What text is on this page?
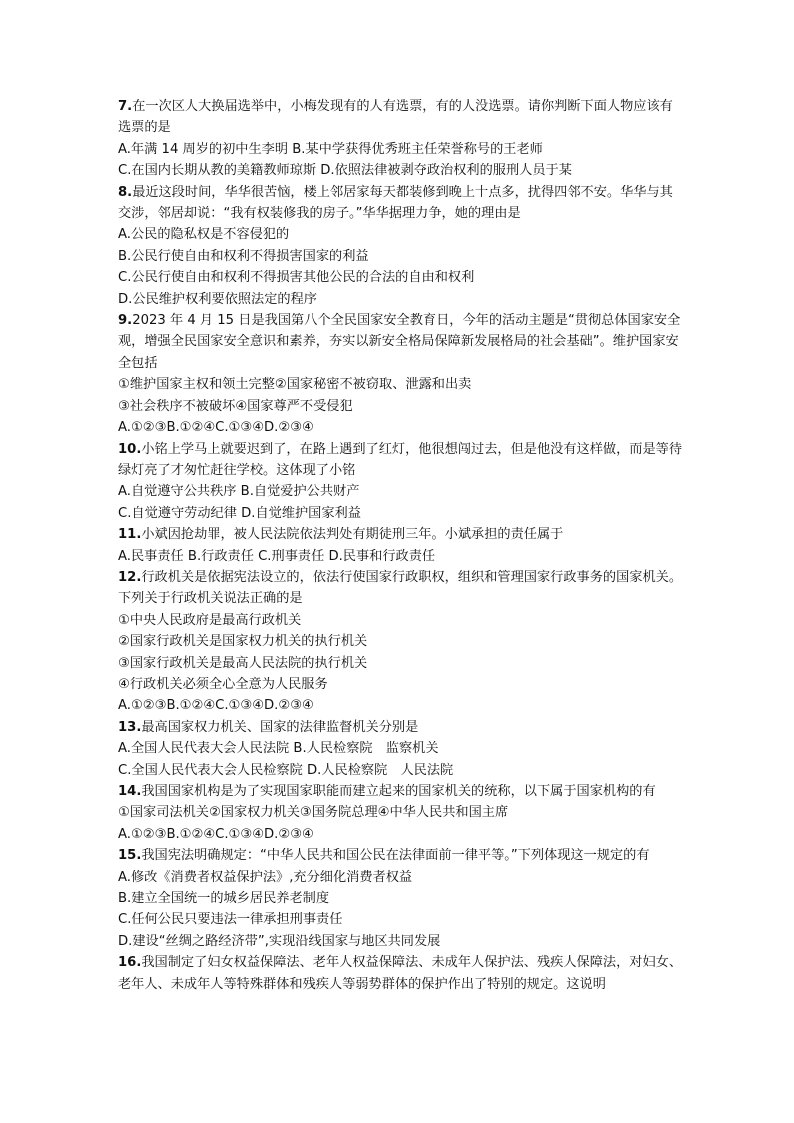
7.在一次区人大换届选举中，小梅发现有的人有选票，有的人没选票。请你判断下面人物应该有选票的是
A.年满 14 周岁的初中生李明 B.某中学获得优秀班主任荣誉称号的王老师
C.在国内长期从教的美籍教师琼斯 D.依照法律被剥夺政治权利的服刑人员于某
8.最近这段时间，华华很苦恼，楼上邻居家每天都装修到晚上十点多，扰得四邻不安。华华与其交涉，邻居却说：“我有权装修我的房子。”华华据理力争，她的理由是
A.公民的隐私权是不容侵犯的
B.公民行使自由和权利不得损害国家的利益
C.公民行使自由和权利不得损害其他公民的合法的自由和权利
D.公民维护权利要依照法定的程序
9.2023 年 4 月 15 日是我国第八个全民国家安全教育日，今年的活动主题是“贯彻总体国家安全观，增强全民国家安全意识和素养，夯实以新安全格局保障新发展格局的社会基础”。维护国家安全包括
①维护国家主权和领土完整②国家秘密不被窃取、泄露和出卖
③社会秩序不被破坏④国家尊严不受侵犯
A.①②③B.①②④C.①③④D.②③④
10.小铭上学马上就要迟到了，在路上遇到了红灯，他很想闯过去，但是他没有这样做，而是等待绿灯亮了才匆忙赶往学校。这体现了小铭
A.自觉遵守公共秩序 B.自觉爱护公共财产
C.自觉遵守劳动纪律 D.自觉维护国家利益
11.小斌因抢劫罪，被人民法院依法判处有期徒刑三年。小斌承担的责任属于
A.民事责任 B.行政责任 C.刑事责任 D.民事和行政责任
12.行政机关是依据宪法设立的，依法行使国家行政职权，组织和管理国家行政事务的国家机关。下列关于行政机关说法正确的是
①中央人民政府是最高行政机关
②国家行政机关是国家权力机关的执行机关
③国家行政机关是最高人民法院的执行机关
④行政机关必须全心全意为人民服务
A.①②③B.①②④C.①③④D.②③④
13.最高国家权力机关、国家的法律监督机关分别是
A.全国人民代表大会人民法院 B.人民检察院　监察机关
C.全国人民代表大会人民检察院 D.人民检察院　人民法院
14.我国国家机构是为了实现国家职能而建立起来的国家机关的统称，以下属于国家机构的有
①国家司法机关②国家权力机关③国务院总理④中华人民共和国主席
A.①②③B.①②④C.①③④D.②③④
15.我国宪法明确规定：“中华人民共和国公民在法律面前一律平等。”下列体现这一规定的有
A.修改《消费者权益保护法》,充分细化消费者权益
B.建立全国统一的城乡居民养老制度
C.任何公民只要违法一律承担刑事责任
D.建设“丝绸之路经济带”,实现沿线国家与地区共同发展
16.我国制定了妇女权益保障法、老年人权益保障法、未成年人保护法、残疾人保障法，对妇女、老年人、未成年人等特殊群体和残疾人等弱势群体的保护作出了特别的规定。这说明
